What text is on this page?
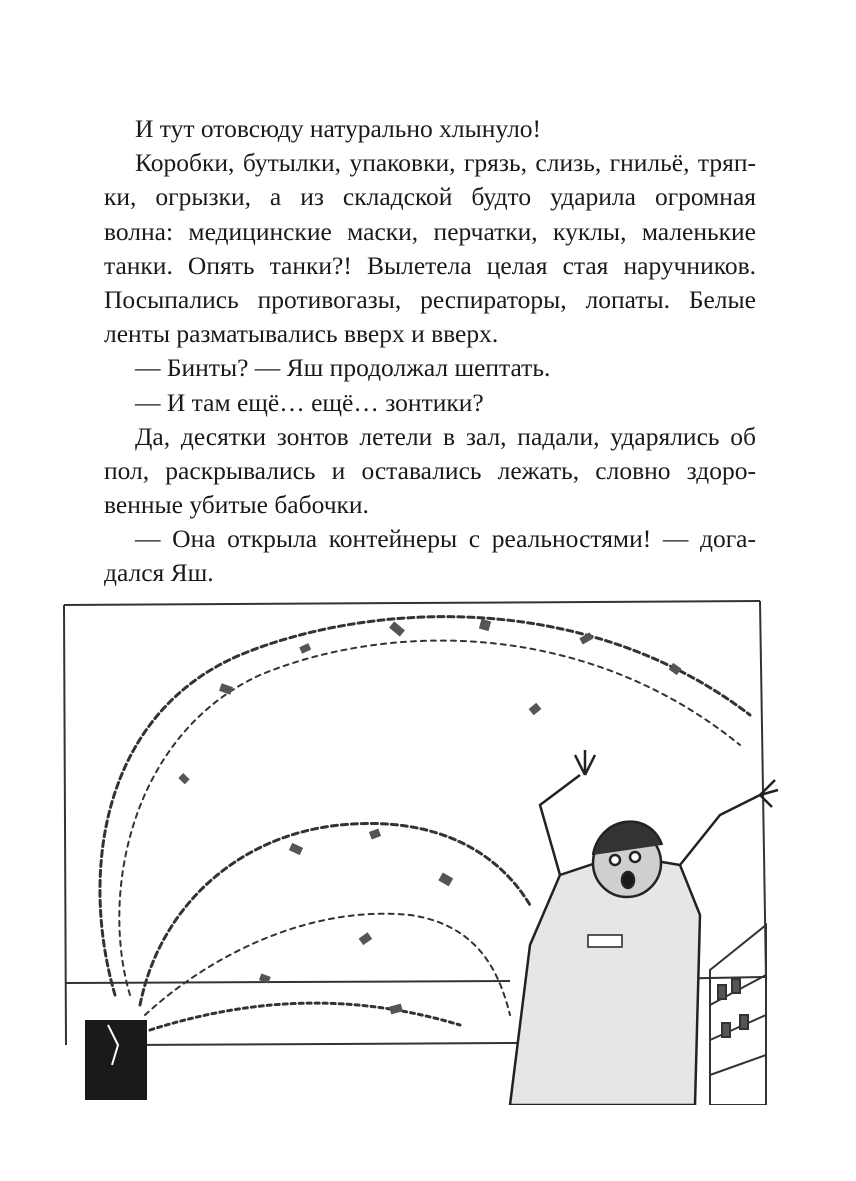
И тут отовсюду натурально хлынуло!
Коробки, бутылки, упаковки, грязь, слизь, гнильё, тряп-
ки, огрызки, а из складской будто ударила огромная
волна: медицинские маски, перчатки, куклы, маленькие
танки. Опять танки?! Вылетела целая стая наручников.
Посыпались противогазы, респираторы, лопаты. Белые
ленты разматывались вверх и вверх.
— Бинты? — Яш продолжал шептать.
— И там ещё… ещё… зонтики?
Да, десятки зонтов летели в зал, падали, ударялись об
пол, раскрывались и оставались лежать, словно здоро-
венные убитые бабочки.
— Она открыла контейнеры с реальностями! — дога-
дался Яш.
